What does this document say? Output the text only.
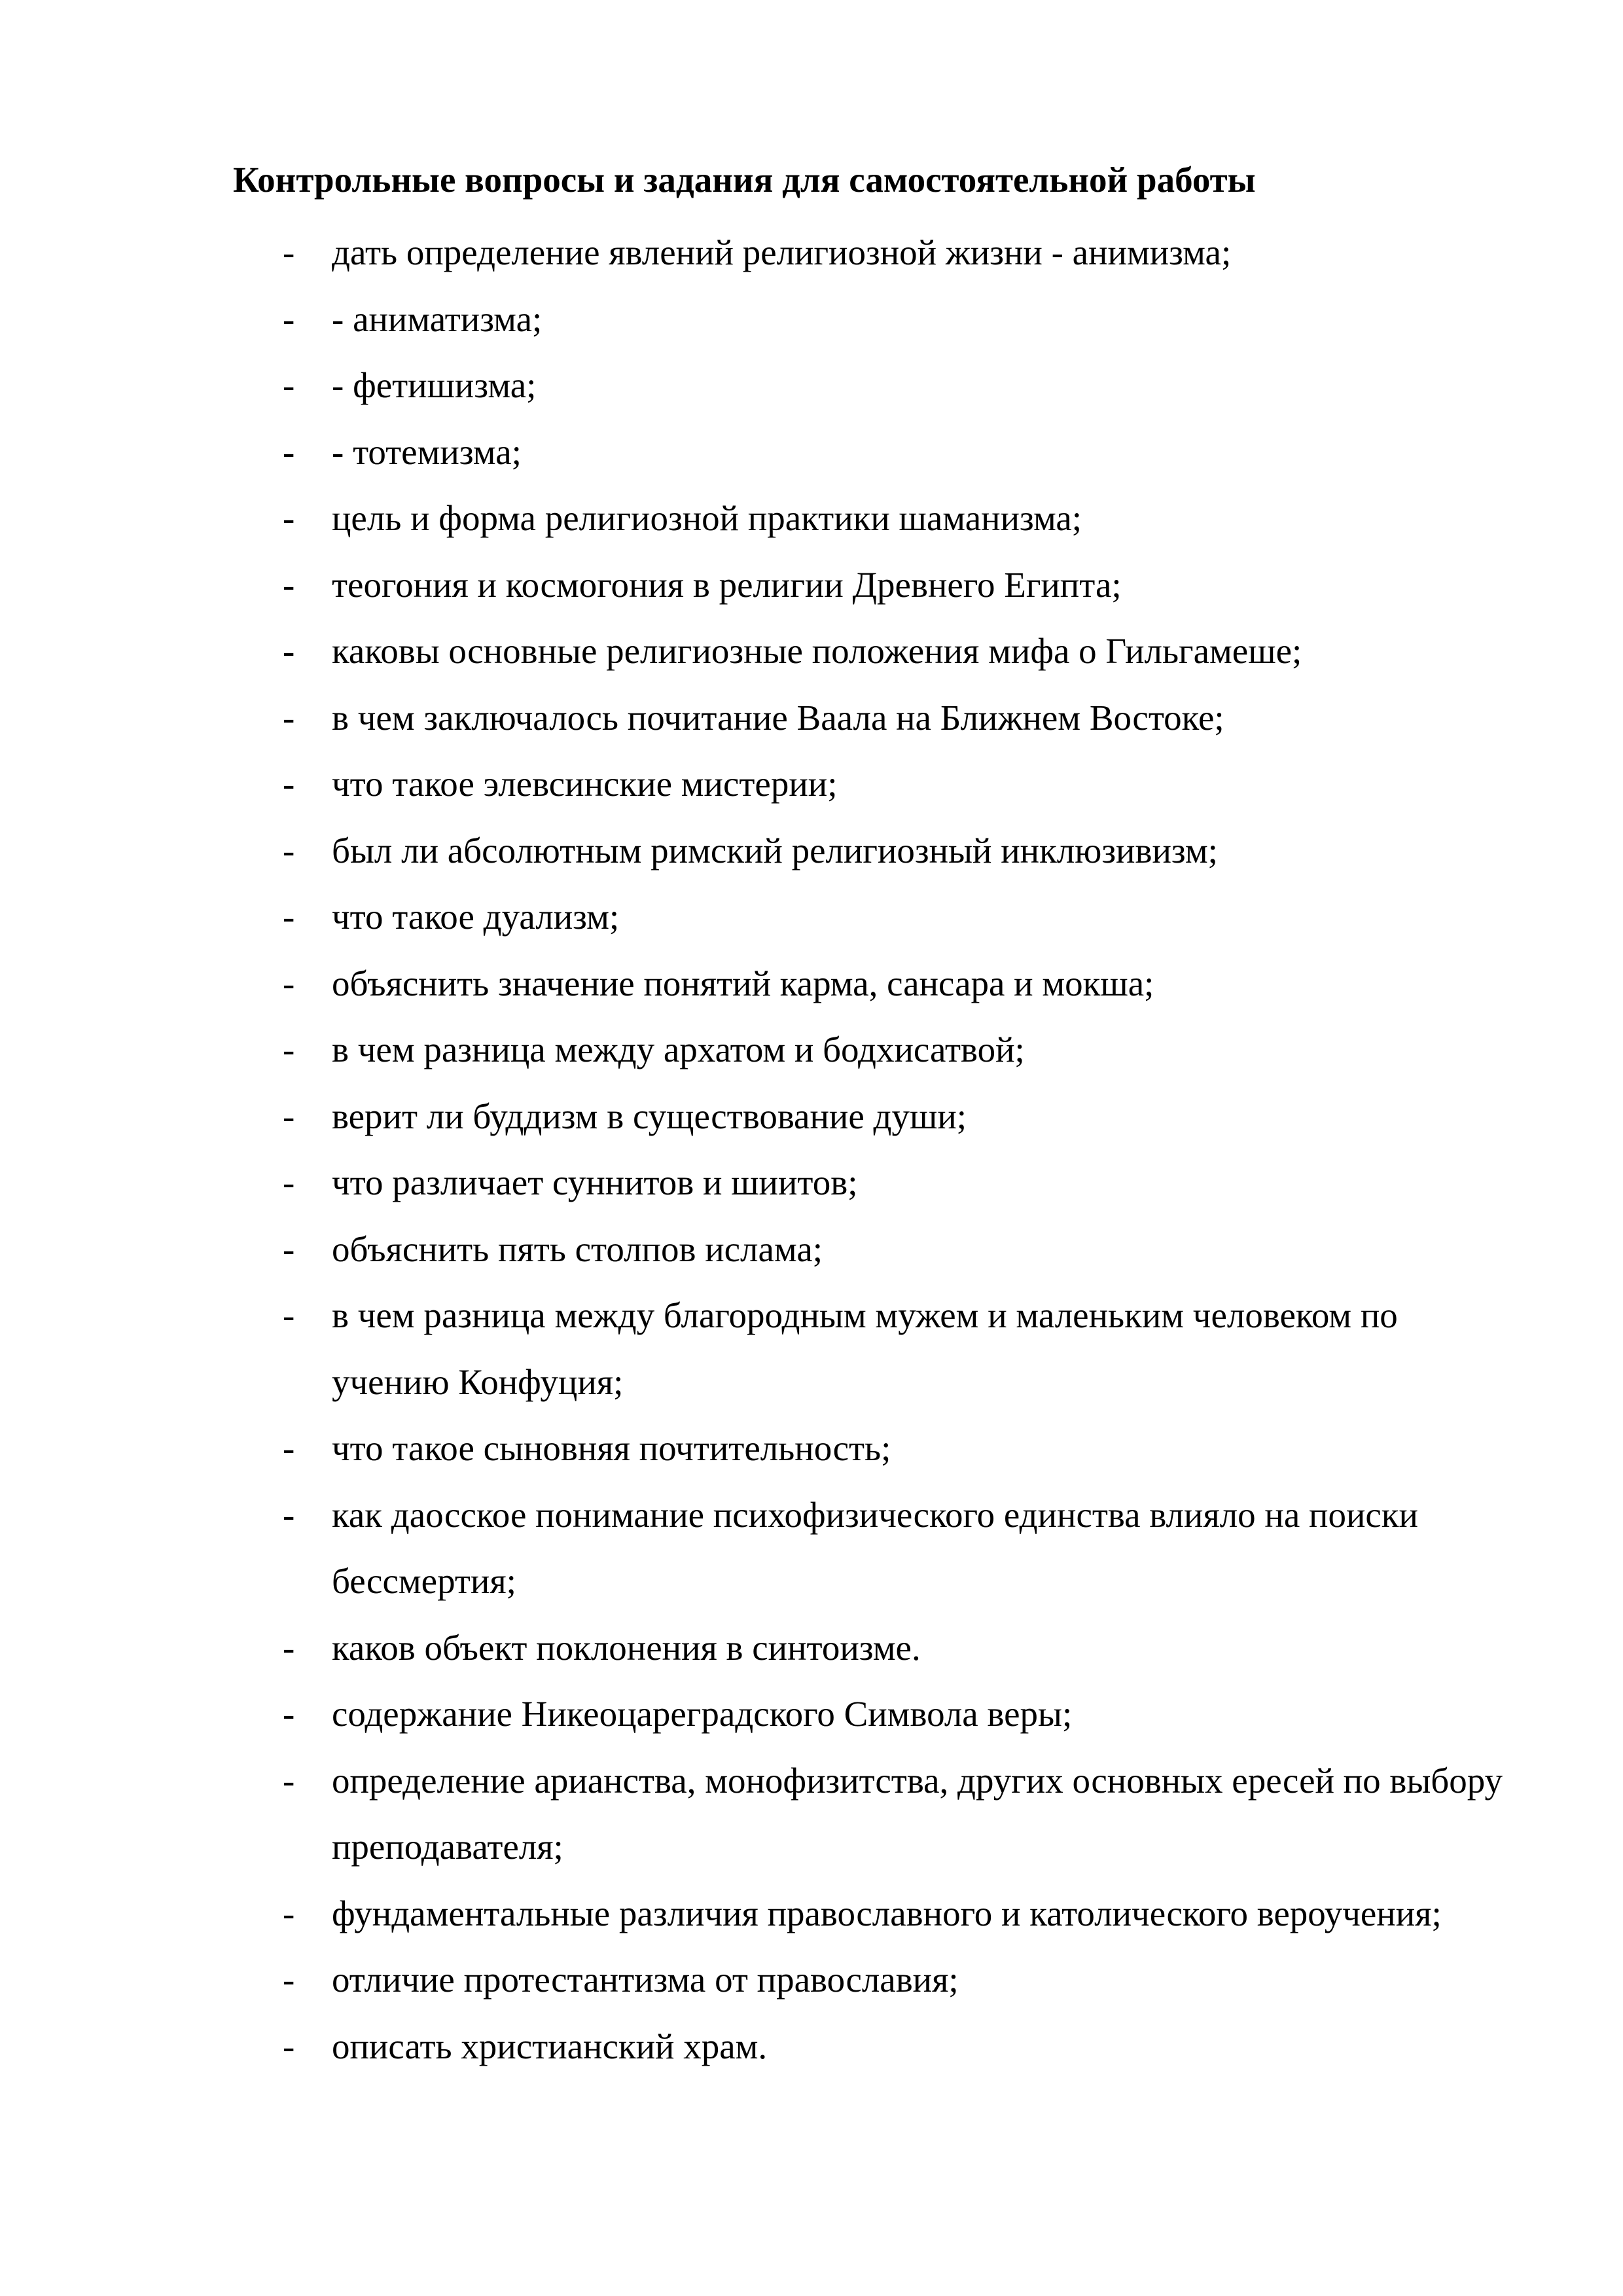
Контрольные вопросы и задания для самостоятельной работы
- дать определение явлений религиозной жизни - анимизма;
- - аниматизма;
- - фетишизма;
- - тотемизма;
- цель и форма религиозной практики шаманизма;
- теогония и космогония в религии Древнего Египта;
- каковы основные религиозные положения мифа о Гильгамеше;
- в чем заключалось почитание Ваала на Ближнем Востоке;
- что такое элевсинские мистерии;
- был ли абсолютным римский религиозный инклюзивизм;
- что такое дуализм;
- объяснить значение понятий карма, сансара и мокша;
- в чем разница между архатом и бодхисатвой;
- верит ли буддизм в существование души;
- что различает суннитов и шиитов;
- объяснить пять столпов ислама;
- в чем разница между благородным мужем и маленьким человеком по учению Конфуция;
- что такое сыновняя почтительность;
- как даосское понимание психофизического единства влияло на поиски бессмертия;
- каков объект поклонения в синтоизме.
- содержание Никеоцареградского Символа веры;
- определение арианства, монофизитства, других основных ересей по выбору преподавателя;
- фундаментальные различия православного и католического вероучения;
- отличие протестантизма от православия;
- описать христианский храм.
